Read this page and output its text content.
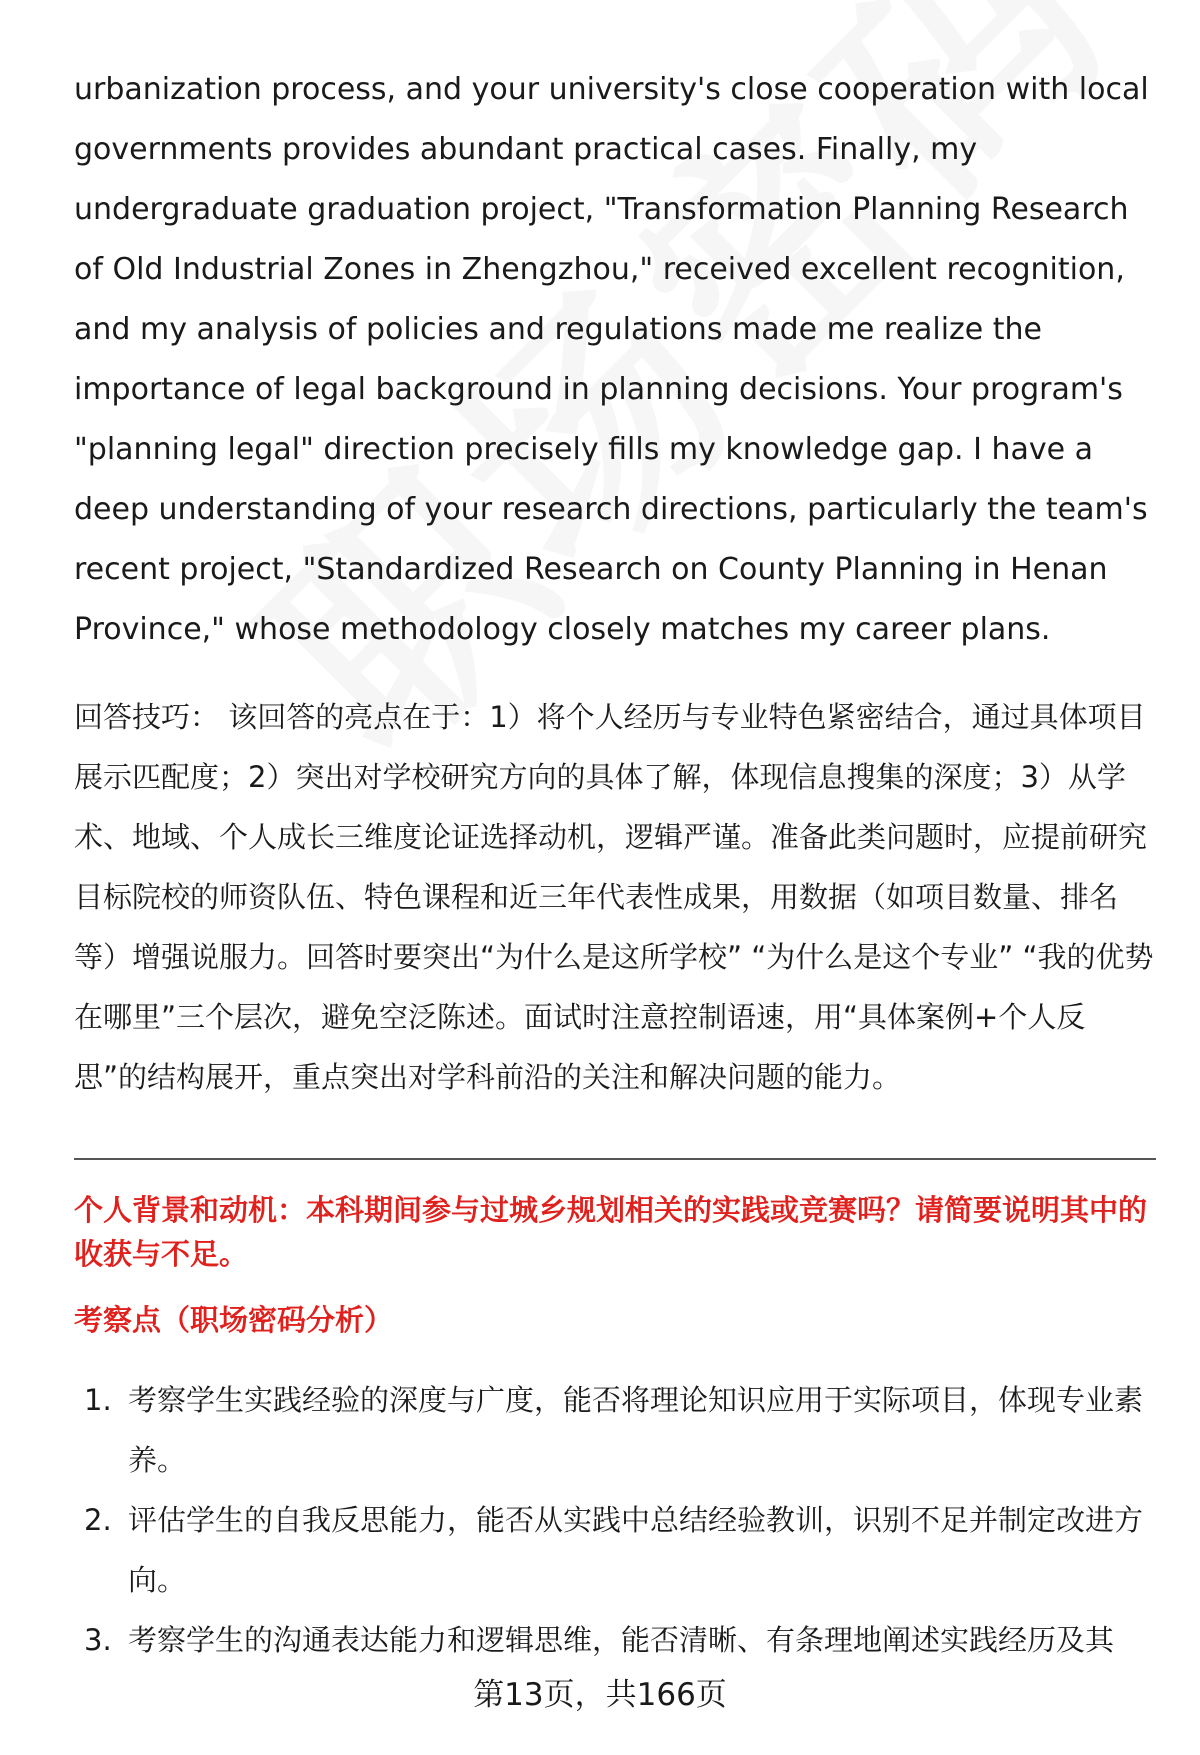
urbanization process, and your university's close cooperation with local governments provides abundant practical cases. Finally, my undergraduate graduation project, "Transformation Planning Research of Old Industrial Zones in Zhengzhou," received excellent recognition, and my analysis of policies and regulations made me realize the importance of legal background in planning decisions. Your program's "planning legal" direction precisely fills my knowledge gap. I have a deep understanding of your research directions, particularly the team's recent project, "Standardized Research on County Planning in Henan Province," whose methodology closely matches my career plans.

回答技巧： 该回答的亮点在于：1）将个人经历与专业特色紧密结合，通过具体项目展示匹配度；2）突出对学校研究方向的具体了解，体现信息搜集的深度；3）从学术、地域、个人成长三维度论证选择动机，逻辑严谨。准备此类问题时，应提前研究目标院校的师资队伍、特色课程和近三年代表性成果，用数据（如项目数量、排名等）增强说服力。回答时要突出“为什么是这所学校” “为什么是这个专业” “我的优势在哪里”三个层次，避免空泛陈述。面试时注意控制语速，用“具体案例+个人反思”的结构展开，重点突出对学科前沿的关注和解决问题的能力。

个人背景和动机：本科期间参与过城乡规划相关的实践或竞赛吗？请简要说明其中的收获与不足。

考察点（职场密码分析）

1. 考察学生实践经验的深度与广度，能否将理论知识应用于实际项目，体现专业素养。
2. 评估学生的自我反思能力，能否从实践中总结经验教训，识别不足并制定改进方向。
3. 考察学生的沟通表达能力和逻辑思维，能否清晰、有条理地阐述实践经历及其
第13页，共166页
